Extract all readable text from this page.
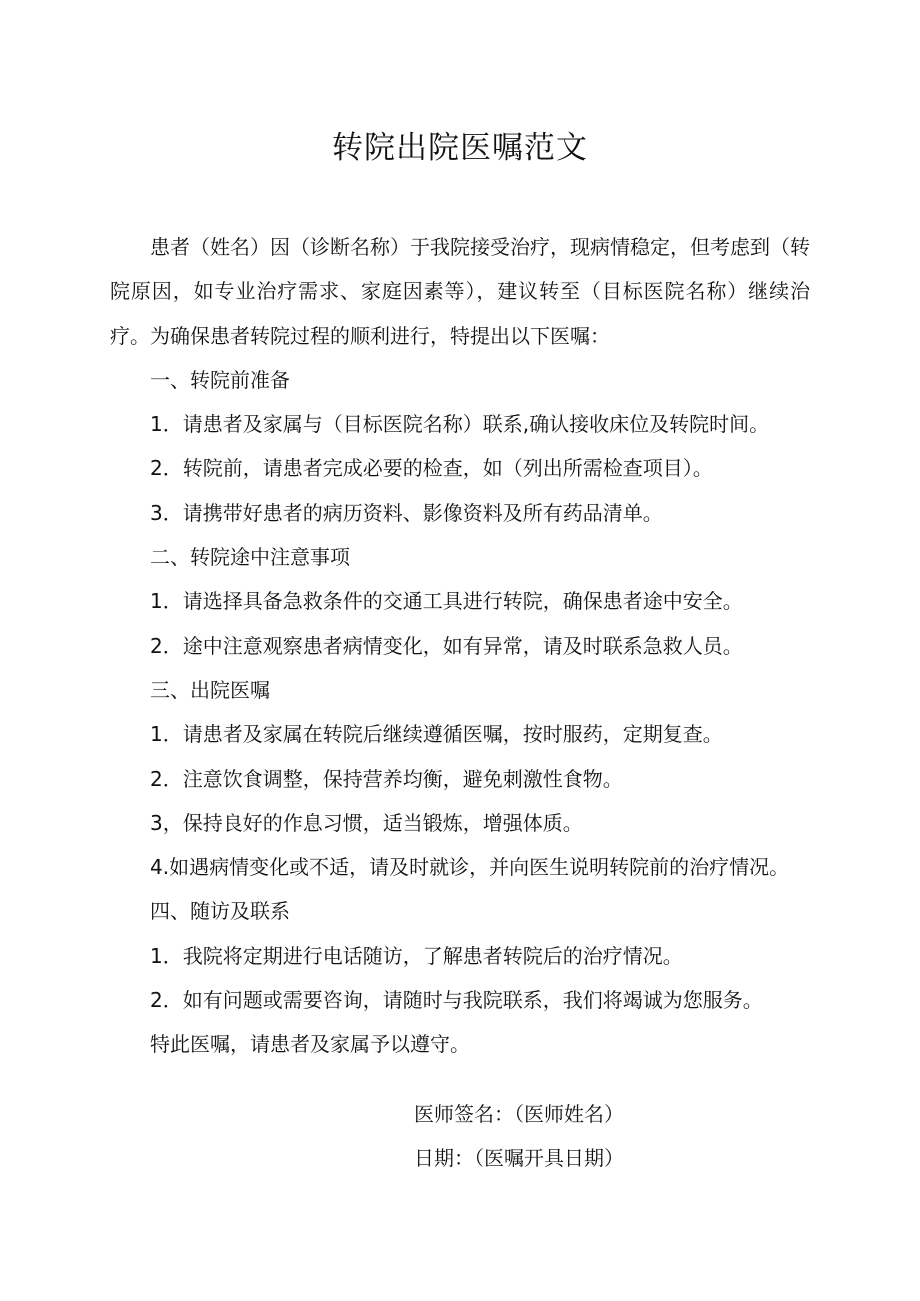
转院出院医嘱范文

患者（姓名）因（诊断名称）于我院接受治疗，现病情稳定，但考虑到（转院原因，如专业治疗需求、家庭因素等），建议转至（目标医院名称）继续治疗。为确保患者转院过程的顺利进行，特提出以下医嘱：

一、转院前准备

1．请患者及家属与（目标医院名称）联系,确认接收床位及转院时间。

2．转院前，请患者完成必要的检查，如（列出所需检查项目）。

3．请携带好患者的病历资料、影像资料及所有药品清单。

二、转院途中注意事项

1．请选择具备急救条件的交通工具进行转院，确保患者途中安全。

2．途中注意观察患者病情变化，如有异常，请及时联系急救人员。

三、出院医嘱

1．请患者及家属在转院后继续遵循医嘱，按时服药，定期复查。

2．注意饮食调整，保持营养均衡，避免刺激性食物。

3，保持良好的作息习惯，适当锻炼，增强体质。

4.如遇病情变化或不适，请及时就诊，并向医生说明转院前的治疗情况。

四、随访及联系

1．我院将定期进行电话随访，了解患者转院后的治疗情况。

2．如有问题或需要咨询，请随时与我院联系，我们将竭诚为您服务。

特此医嘱，请患者及家属予以遵守。

医师签名：（医师姓名）

日期：（医嘱开具日期）
